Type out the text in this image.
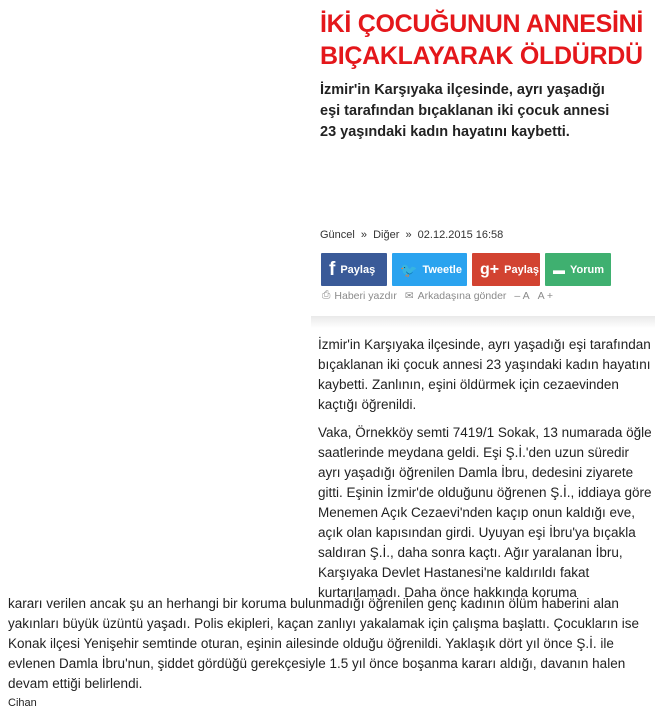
İKİ ÇOCUĞUNUN ANNESİNİ BIÇAKLAYARAK ÖLDÜRDÜ
İzmir'in Karşıyaka ilçesinde, ayrı yaşadığı eşi tarafından bıçaklanan iki çocuk annesi 23 yaşındaki kadın hayatını kaybetti.
Güncel » Diğer » 02.12.2015 16:58
f Paylaş 🐦 Tweetle g+ Paylaş ▬ Yorum
⎙ Haberi yazdır ✉ Arkadaşına gönder – A A +
İzmir'in Karşıyaka ilçesinde, ayrı yaşadığı eşi tarafından bıçaklanan iki çocuk annesi 23 yaşındaki kadın hayatını kaybetti. Zanlının, eşini öldürmek için cezaevinden kaçtığı öğrenildi.
Vaka, Örnekköy semti 7419/1 Sokak, 13 numarada öğle saatlerinde meydana geldi. Eşi Ş.İ.'den uzun süredir ayrı yaşadığı öğrenilen Damla İbru, dedesini ziyarete gitti. Eşinin İzmir'de olduğunu öğrenen Ş.İ., iddiaya göre Menemen Açık Cezaevi'nden kaçıp onun kaldığı eve, açık olan kapısından girdi. Uyuyan eşi İbru'ya bıçakla saldıran Ş.İ., daha sonra kaçtı. Ağır yaralanan İbru, Karşıyaka Devlet Hastanesi'ne kaldırıldı fakat kurtarılamadı. Daha önce hakkında koruma
kararı verilen ancak şu an herhangi bir koruma bulunmadığı öğrenilen genç kadının ölüm haberini alan yakınları büyük üzüntü yaşadı. Polis ekipleri, kaçan zanlıyı yakalamak için çalışma başlattı. Çocukların ise Konak ilçesi Yenişehir semtinde oturan, eşinin ailesinde olduğu öğrenildi. Yaklaşık dört yıl önce Ş.İ. ile evlenen Damla İbru'nun, şiddet gördüğü gerekçesiyle 1.5 yıl önce boşanma kararı aldığı, davanın halen devam ettiği belirlendi.
Cihan
